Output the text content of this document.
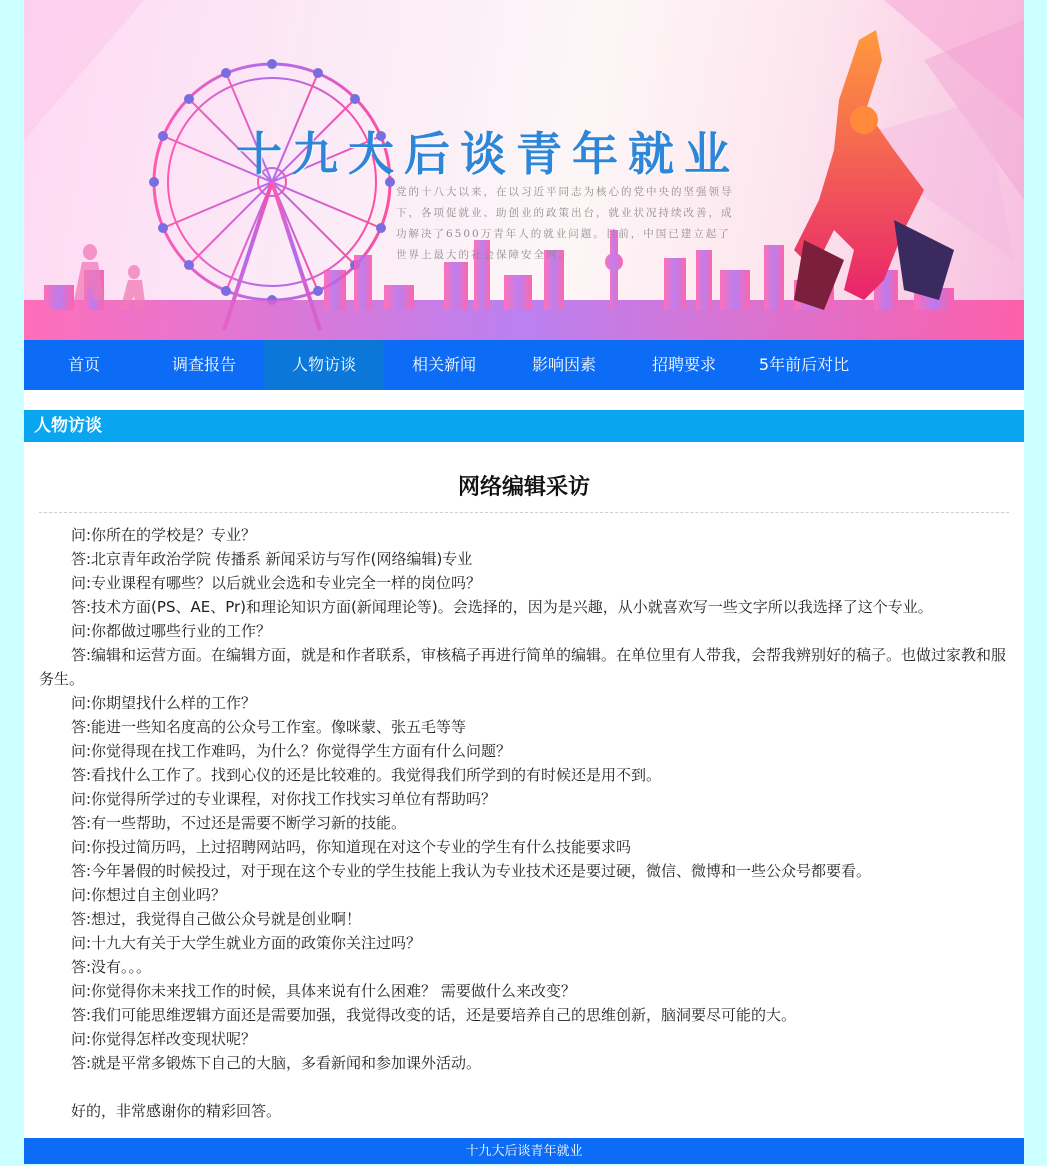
十九大后谈青年就业
党的十八大以来，在以习近平同志为核心的党中央的坚强领导下，各项促就业、助创业的政策出台，就业状况持续改善，成功解决了6500万青年人的就业问题。目前，中国已建立起了世界上最大的社会保障安全网。
首页	调查报告	人物访谈	相关新闻	影响因素	招聘要求	5年前后对比
人物访谈
网络编辑采访

问:你所在的学校是？专业？

答:北京青年政治学院 传播系 新闻采访与写作(网络编辑)专业

问:专业课程有哪些？以后就业会选和专业完全一样的岗位吗？

答:技术方面(PS、AE、Pr)和理论知识方面(新闻理论等)。会选择的，因为是兴趣，从小就喜欢写一些文字所以我选择了这个专业。

问:你都做过哪些行业的工作？

答:编辑和运营方面。在编辑方面，就是和作者联系，审核稿子再进行简单的编辑。在单位里有人带我，会帮我辨别好的稿子。也做过家教和服务生。

问:你期望找什么样的工作？

答:能进一些知名度高的公众号工作室。像咪蒙、张五毛等等

问:你觉得现在找工作难吗，为什么？你觉得学生方面有什么问题？

答:看找什么工作了。找到心仪的还是比较难的。我觉得我们所学到的有时候还是用不到。

问:你觉得所学过的专业课程，对你找工作找实习单位有帮助吗？

答:有一些帮助，不过还是需要不断学习新的技能。

问:你投过简历吗，上过招聘网站吗，你知道现在对这个专业的学生有什么技能要求吗

答:今年暑假的时候投过，对于现在这个专业的学生技能上我认为专业技术还是要过硬，微信、微博和一些公众号都要看。

问:你想过自主创业吗？

答:想过，我觉得自己做公众号就是创业啊！

问:十九大有关于大学生就业方面的政策你关注过吗？

答:没有。。。

问:你觉得你未来找工作的时候，具体来说有什么困难？ 需要做什么来改变？

答:我们可能思维逻辑方面还是需要加强，我觉得改变的话，还是要培养自己的思维创新，脑洞要尽可能的大。

问:你觉得怎样改变现状呢？

答:就是平常多锻炼下自己的大脑，多看新闻和参加课外活动。

好的，非常感谢你的精彩回答。

十九大后谈青年就业
